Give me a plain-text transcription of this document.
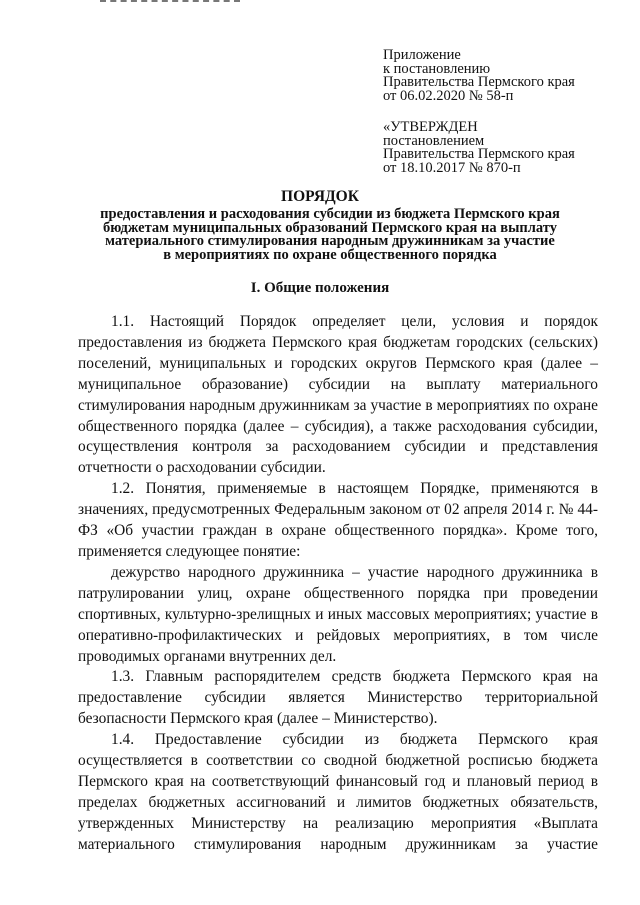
Приложение
к постановлению
Правительства Пермского края
от 06.02.2020 № 58-п
«УТВЕРЖДЕН
постановлением
Правительства Пермского края
от 18.10.2017 № 870-п
ПОРЯДОК
предоставления и расходования субсидии из бюджета Пермского края
бюджетам муниципальных образований Пермского края на выплату
материального стимулирования народным дружинникам за участие
в мероприятиях по охране общественного порядка
I. Общие положения

1.1. Настоящий Порядок определяет цели, условия и порядок предоставления из бюджета Пермского края бюджетам городских (сельских) поселений, муниципальных и городских округов Пермского края (далее – муниципальное образование) субсидии на выплату материального стимулирования народным дружинникам за участие в мероприятиях по охране общественного порядка (далее – субсидия), а также расходования субсидии, осуществления контроля за расходованием субсидии и представления отчетности о расходовании субсидии.

1.2. Понятия, применяемые в настоящем Порядке, применяются в значениях, предусмотренных Федеральным законом от 02 апреля 2014 г. № 44-ФЗ «Об участии граждан в охране общественного порядка». Кроме того, применяется следующее понятие:

дежурство народного дружинника – участие народного дружинника в патрулировании улиц, охране общественного порядка при проведении спортивных, культурно-зрелищных и иных массовых мероприятиях; участие в оперативно-профилактических и рейдовых мероприятиях, в том числе проводимых органами внутренних дел.

1.3. Главным распорядителем средств бюджета Пермского края на предоставление субсидии является Министерство территориальной безопасности Пермского края (далее – Министерство).

1.4. Предоставление субсидии из бюджета Пермского края осуществляется в соответствии со сводной бюджетной росписью бюджета Пермского края на соответствующий финансовый год и плановый период в пределах бюджетных ассигнований и лимитов бюджетных обязательств, утвержденных Министерству на реализацию мероприятия «Выплата материального стимулирования народным дружинникам за участие
